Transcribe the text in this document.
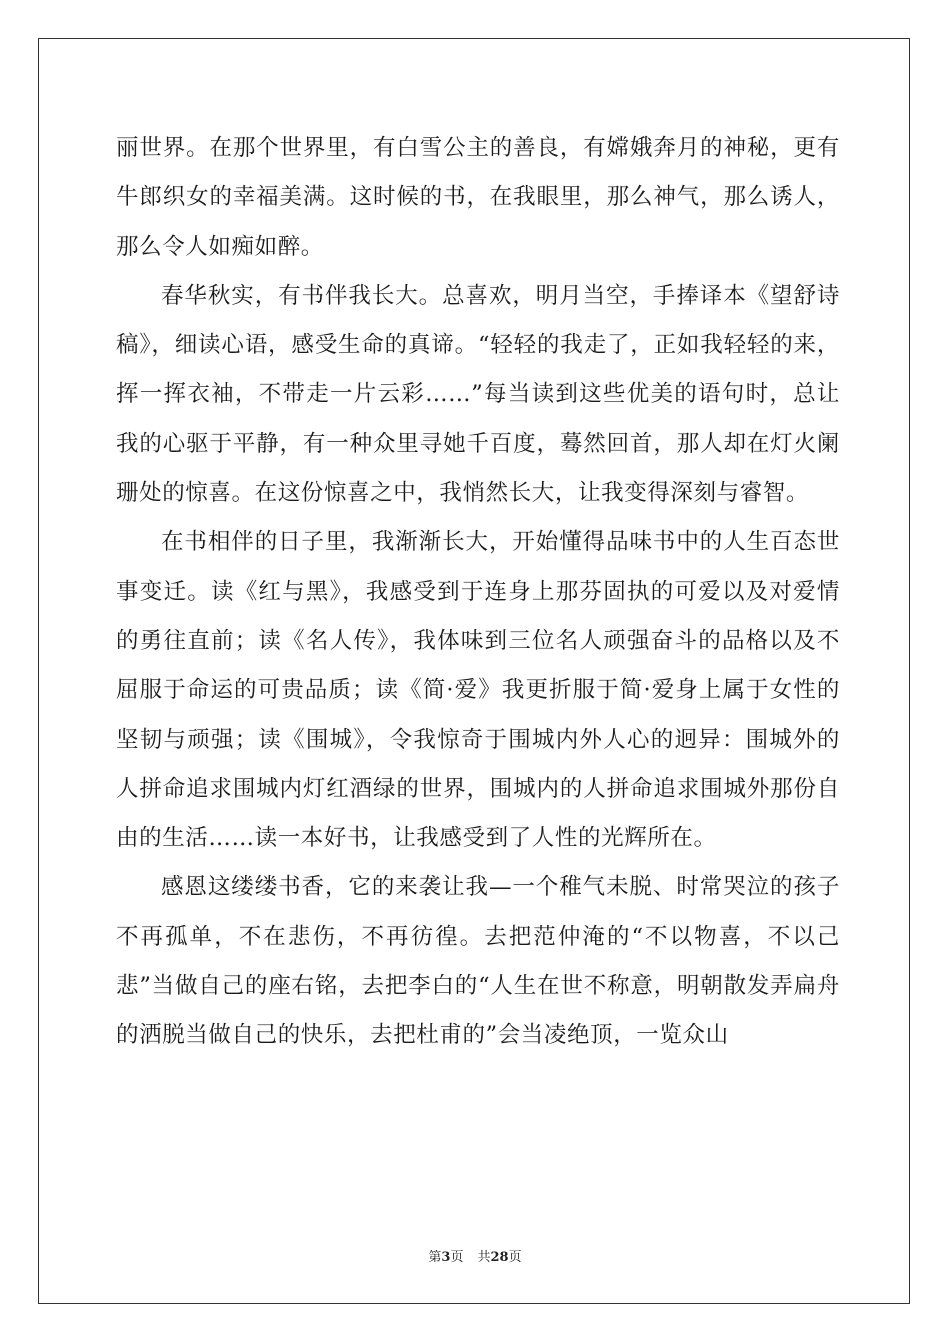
丽世界。在那个世界里，有白雪公主的善良，有嫦娥奔月的神秘，更有牛郎织女的幸福美满。这时候的书，在我眼里，那么神气，那么诱人，那么令人如痴如醉。

春华秋实，有书伴我长大。总喜欢，明月当空，手捧译本《望舒诗稿》，细读心语，感受生命的真谛。“轻轻的我走了，正如我轻轻的来，挥一挥衣袖，不带走一片云彩……”每当读到这些优美的语句时，总让我的心驱于平静，有一种众里寻她千百度，蓦然回首，那人却在灯火阑珊处的惊喜。在这份惊喜之中，我悄然长大，让我变得深刻与睿智。

在书相伴的日子里，我渐渐长大，开始懂得品味书中的人生百态世事变迁。读《红与黑》，我感受到于连身上那芬固执的可爱以及对爱情的勇往直前；读《名人传》，我体味到三位名人顽强奋斗的品格以及不屈服于命运的可贵品质；读《简·爱》我更折服于简·爱身上属于女性的坚韧与顽强；读《围城》，令我惊奇于围城内外人心的迥异：围城外的人拼命追求围城内灯红酒绿的世界，围城内的人拼命追求围城外那份自由的生活……读一本好书，让我感受到了人性的光辉所在。

感恩这缕缕书香，它的来袭让我—一个稚气未脱、时常哭泣的孩子不再孤单，不在悲伤，不再彷徨。去把范仲淹的“不以物喜，不以己悲”当做自己的座右铭，去把李白的“人生在世不称意，明朝散发弄扁舟的洒脱当做自己的快乐，去把杜甫的”会当凌绝顶，一览众山

第3页 共28页
